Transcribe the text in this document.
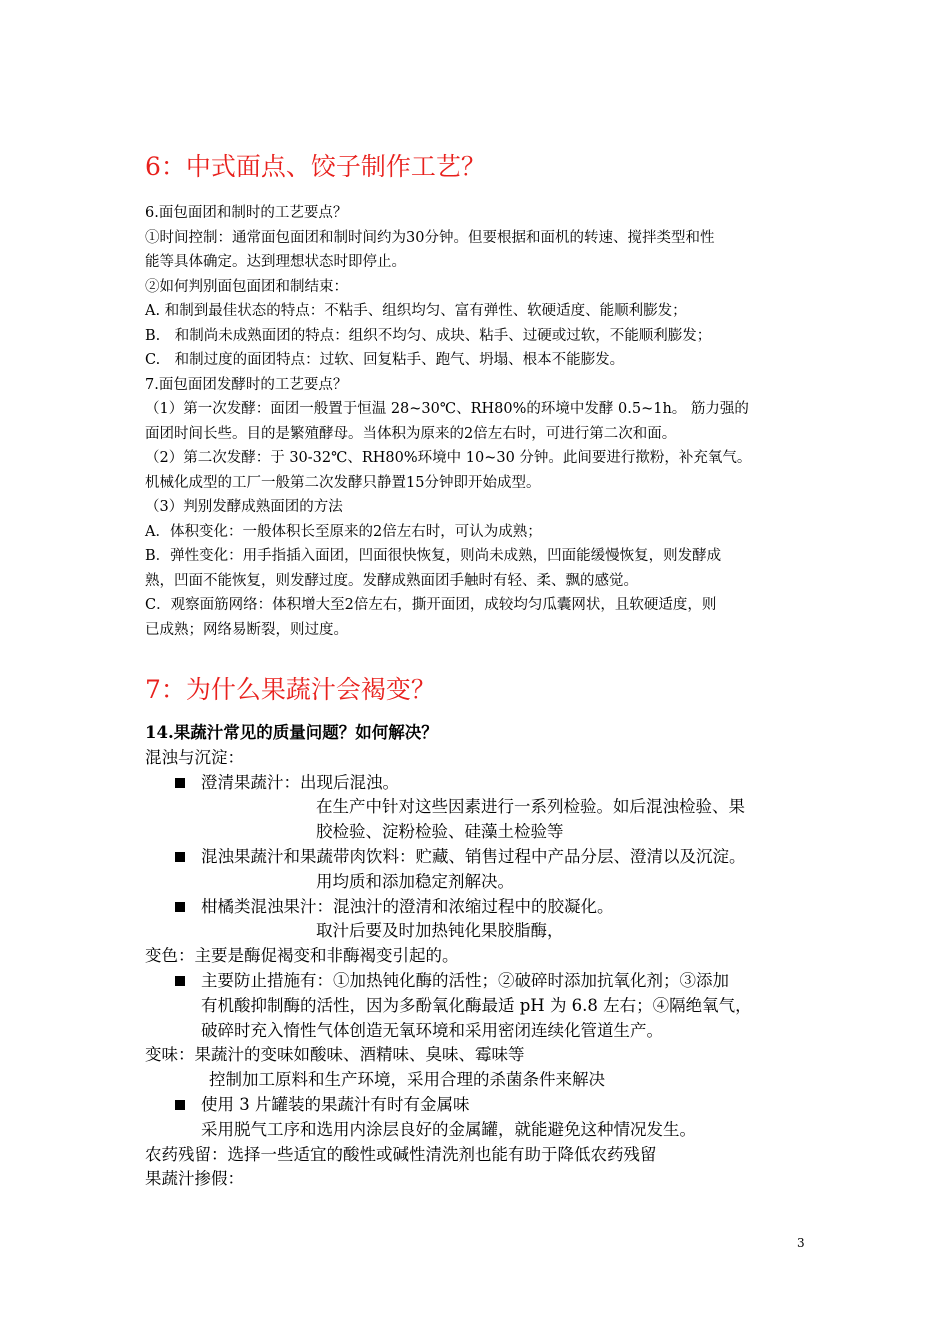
6：中式面点、饺子制作工艺？

6.面包面团和制时的工艺要点？

①时间控制：通常面包面团和制时间约为30分钟。但要根据和面机的转速、搅拌类型和性

能等具体确定。达到理想状态时即停止。

②如何判别面包面团和制结束：

A. 和制到最佳状态的特点：不粘手、组织均匀、富有弹性、软硬适度、能顺利膨发；

B.　和制尚未成熟面团的特点：组织不均匀、成块、粘手、过硬或过软，不能顺利膨发；

C.　和制过度的面团特点：过软、回复粘手、跑气、坍塌、根本不能膨发。

7.面包面团发酵时的工艺要点？

（1）第一次发酵：面团一般置于恒温 28~30℃、RH80%的环境中发酵 0.5~1h。 筋力强的

面团时间长些。目的是繁殖酵母。当体积为原来的2倍左右时，可进行第二次和面。

（2）第二次发酵：于 30-32℃、RH80%环境中 10~30 分钟。此间要进行揿粉，补充氧气。

机械化成型的工厂一般第二次发酵只静置15分钟即开始成型。

（3）判别发酵成熟面团的方法

A．体积变化：一般体积长至原来的2倍左右时，可认为成熟；

B．弹性变化：用手指插入面团，凹面很快恢复，则尚未成熟，凹面能缓慢恢复，则发酵成

熟，凹面不能恢复，则发酵过度。发酵成熟面团手触时有轻、柔、飘的感觉。

C．观察面筋网络：体积增大至2倍左右，撕开面团，成较均匀瓜囊网状，且软硬适度，则

已成熟；网络易断裂，则过度。

7：为什么果蔬汁会褐变？

14.果蔬汁常见的质量问题？如何解决？

混浊与沉淀：

澄清果蔬汁：出现后混浊。

在生产中针对这些因素进行一系列检验。如后混浊检验、果

胶检验、淀粉检验、硅藻土检验等

混浊果蔬汁和果蔬带肉饮料：贮藏、销售过程中产品分层、澄清以及沉淀。

用均质和添加稳定剂解决。

柑橘类混浊果汁：混浊汁的澄清和浓缩过程中的胶凝化。

取汁后要及时加热钝化果胶脂酶，

变色：主要是酶促褐变和非酶褐变引起的。

主要防止措施有：①加热钝化酶的活性；②破碎时添加抗氧化剂；③添加

有机酸抑制酶的活性，因为多酚氧化酶最适 pH 为 6.8 左右；④隔绝氧气，

破碎时充入惰性气体创造无氧环境和采用密闭连续化管道生产。

变味：果蔬汁的变味如酸味、酒精味、臭味、霉味等

控制加工原料和生产环境，采用合理的杀菌条件来解决

使用 3 片罐装的果蔬汁有时有金属味

采用脱气工序和选用内涂层良好的金属罐，就能避免这种情况发生。

农药残留：选择一些适宜的酸性或碱性清洗剂也能有助于降低农药残留

果蔬汁掺假：

3
